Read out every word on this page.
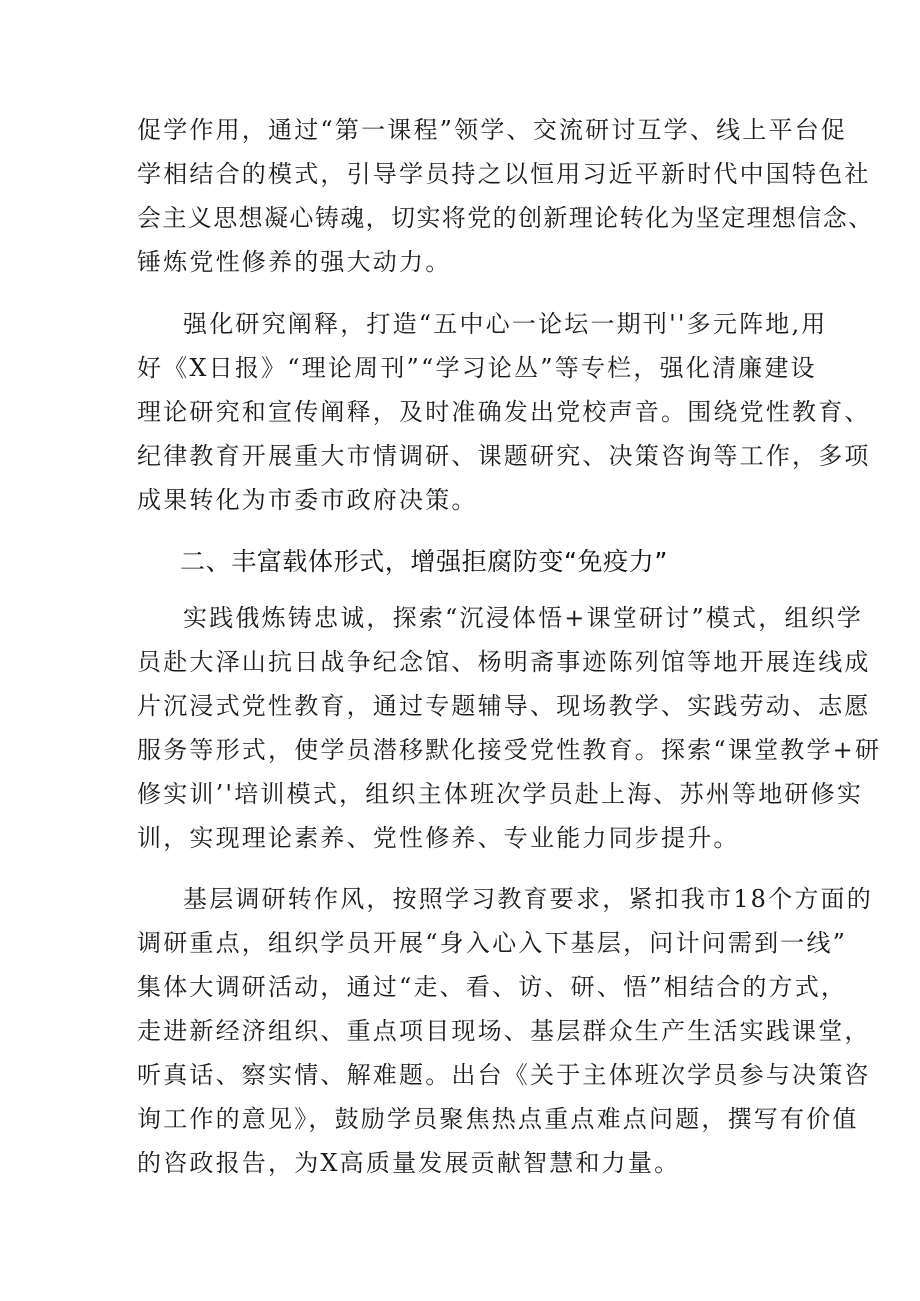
促学作用，通过“第一课程”领学、交流研讨互学、线上平台促
学相结合的模式，引导学员持之以恒用习近平新时代中国特色社
会主义思想凝心铸魂，切实将党的创新理论转化为坚定理想信念、
锤炼党性修养的强大动力。
强化研究阐释，打造“五中心一论坛一期刊''多元阵地,用
好《X日报》“理论周刊”“学习论丛”等专栏，强化清廉建设
理论研究和宣传阐释，及时准确发出党校声音。围绕党性教育、
纪律教育开展重大市情调研、课题研究、决策咨询等工作，多项
成果转化为市委市政府决策。
二、丰富载体形式，增强拒腐防变“免疫力”
实践俄炼铸忠诚，探索“沉浸体悟+课堂研讨”模式，组织学
员赴大泽山抗日战争纪念馆、杨明斋事迹陈列馆等地开展连线成
片沉浸式党性教育，通过专题辅导、现场教学、实践劳动、志愿
服务等形式，使学员潜移默化接受党性教育。探索“课堂教学+研
修实训’'培训模式，组织主体班次学员赴上海、苏州等地研修实
训，实现理论素养、党性修养、专业能力同步提升。
基层调研转作风，按照学习教育要求，紧扣我市18个方面的
调研重点，组织学员开展“身入心入下基层，问计问需到一线”
集体大调研活动，通过“走、看、访、研、悟”相结合的方式，
走进新经济组织、重点项目现场、基层群众生产生活实践课堂，
听真话、察实情、解难题。出台《关于主体班次学员参与决策咨
询工作的意见》，鼓励学员聚焦热点重点难点问题，撰写有价值
的咨政报告，为X高质量发展贡献智慧和力量。
